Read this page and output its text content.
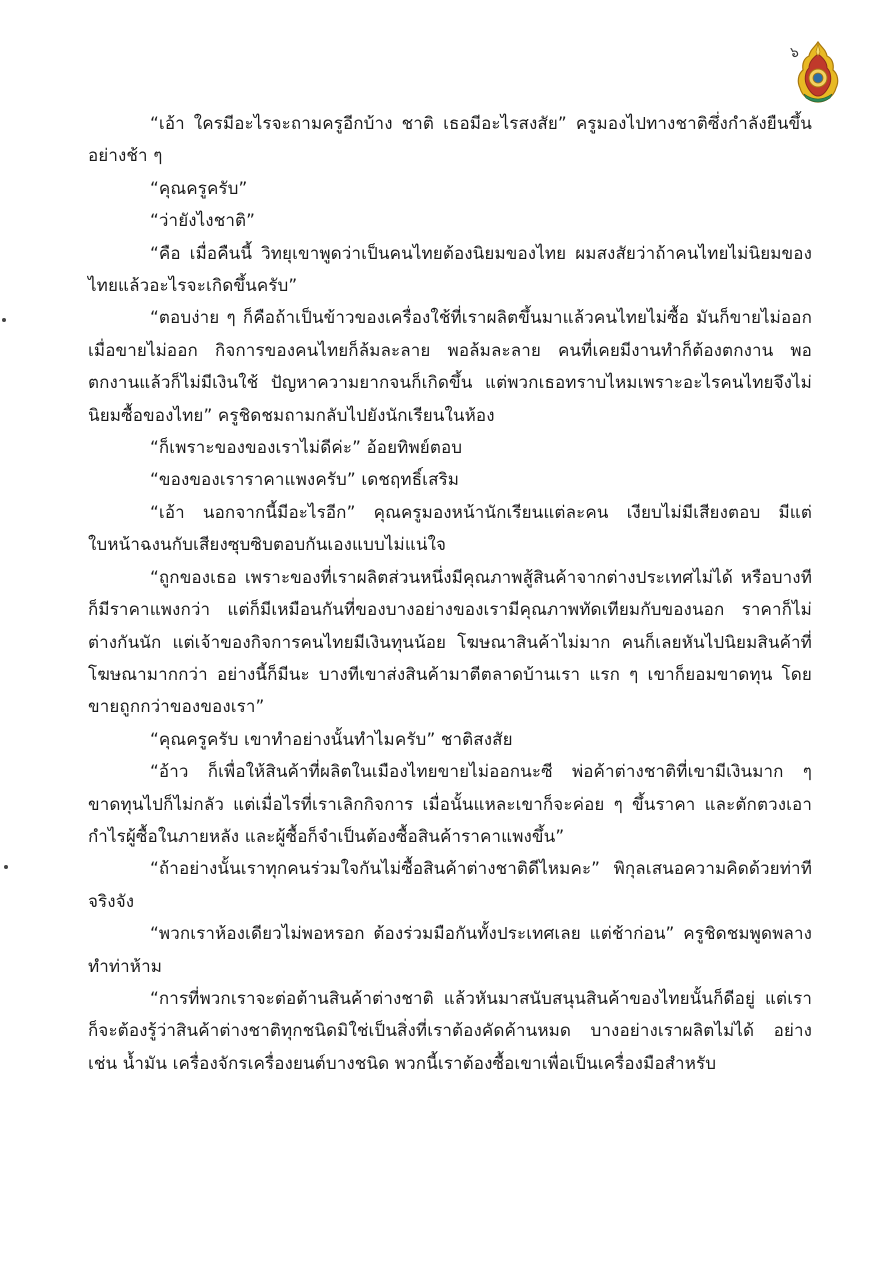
๖

“เอ้า ใครมีอะไรจะถามครูอีกบ้าง ชาติ เธอมีอะไรสงสัย” ครูมองไปทางชาติซึ่งกำลังยืนขึ้นอย่างช้า ๆ

“คุณครูครับ”

“ว่ายังไงชาติ”

“คือ เมื่อคืนนี้ วิทยุเขาพูดว่าเป็นคนไทยต้องนิยมของไทย ผมสงสัยว่าถ้าคนไทยไม่นิยมของไทยแล้วอะไรจะเกิดขึ้นครับ”

“ตอบง่าย ๆ ก็คือถ้าเป็นข้าวของเครื่องใช้ที่เราผลิตขึ้นมาแล้วคนไทยไม่ซื้อ มันก็ขายไม่ออก เมื่อขายไม่ออก กิจการของคนไทยก็ล้มละลาย พอล้มละลาย คนที่เคยมีงานทำก็ต้องตกงาน พอตกงานแล้วก็ไม่มีเงินใช้ ปัญหาความยากจนก็เกิดขึ้น แต่พวกเธอทราบไหมเพราะอะไรคนไทยจึงไม่นิยมซื้อของไทย” ครูชิดชมถามกลับไปยังนักเรียนในห้อง

“ก็เพราะของของเราไม่ดีค่ะ” อ้อยทิพย์ตอบ

“ของของเราราคาแพงครับ” เดชฤทธิ์เสริม

“เอ้า นอกจากนี้มีอะไรอีก” คุณครูมองหน้านักเรียนแต่ละคน เงียบไม่มีเสียงตอบ มีแต่ใบหน้าฉงนกับเสียงซุบซิบตอบกันเองแบบไม่แน่ใจ

“ถูกของเธอ เพราะของที่เราผลิตส่วนหนึ่งมีคุณภาพสู้สินค้าจากต่างประเทศไม่ได้ หรือบางทีก็มีราคาแพงกว่า แต่ก็มีเหมือนกันที่ของบางอย่างของเรามีคุณภาพทัดเทียมกับของนอก ราคาก็ไม่ต่างกันนัก แต่เจ้าของกิจการคนไทยมีเงินทุนน้อย โฆษณาสินค้าไม่มาก คนก็เลยหันไปนิยมสินค้าที่โฆษณามากกว่า อย่างนี้ก็มีนะ บางทีเขาส่งสินค้ามาตีตลาดบ้านเรา แรก ๆ เขาก็ยอมขาดทุน โดยขายถูกกว่าของของเรา”

“คุณครูครับ เขาทำอย่างนั้นทำไมครับ” ชาติสงสัย

“อ้าว ก็เพื่อให้สินค้าที่ผลิตในเมืองไทยขายไม่ออกนะซี พ่อค้าต่างชาติที่เขามีเงินมาก ๆ ขาดทุนไปก็ไม่กลัว แต่เมื่อไรที่เราเลิกกิจการ เมื่อนั้นแหละเขาก็จะค่อย ๆ ขึ้นราคา และตักตวงเอากำไรผู้ซื้อในภายหลัง และผู้ซื้อก็จำเป็นต้องซื้อสินค้าราคาแพงขึ้น”

“ถ้าอย่างนั้นเราทุกคนร่วมใจกันไม่ซื้อสินค้าต่างชาติดีไหมคะ” พิกุลเสนอความคิดด้วยท่าทีจริงจัง

“พวกเราห้องเดียวไม่พอหรอก ต้องร่วมมือกันทั้งประเทศเลย แต่ช้าก่อน” ครูชิดชมพูดพลางทำท่าห้าม

“การที่พวกเราจะต่อต้านสินค้าต่างชาติ แล้วหันมาสนับสนุนสินค้าของไทยนั้นก็ดีอยู่ แต่เราก็จะต้องรู้ว่าสินค้าต่างชาติทุกชนิดมิใช่เป็นสิ่งที่เราต้องคัดค้านหมด บางอย่างเราผลิตไม่ได้ อย่างเช่น น้ำมัน เครื่องจักรเครื่องยนต์บางชนิด พวกนี้เราต้องซื้อเขาเพื่อเป็นเครื่องมือสำหรับ
